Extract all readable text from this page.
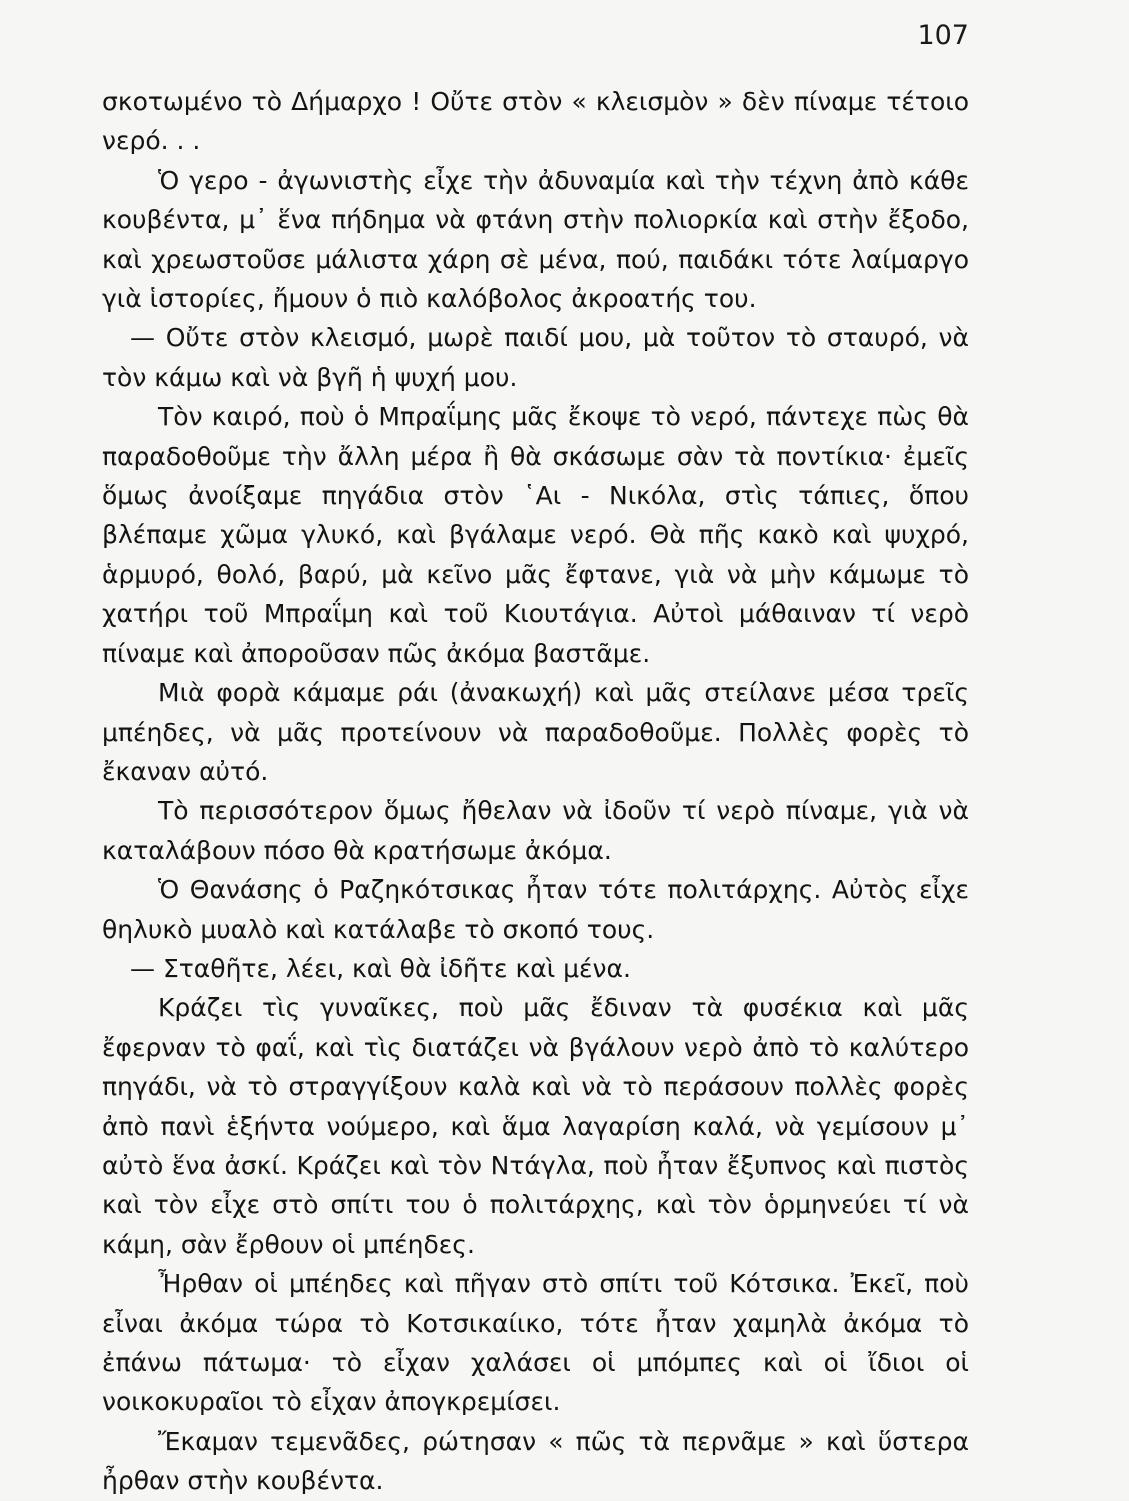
107

σκοτωμένο τὸ Δήμαρχο ! Οὔτε στὸν « κλεισμὸν » δὲν πίναμε τέτοιο νερό. . .

Ὁ γερο - ἀγωνιστὴς εἶχε τὴν ἀδυναμία καὶ τὴν τέχνη ἀπὸ κάθε κουβέντα, μ᾽ ἕνα πήδημα νὰ φτάνη στὴν πολιορκία καὶ στὴν ἔξοδο, καὶ χρεωστοῦσε μάλιστα χάρη σὲ μένα, πού, παιδάκι τότε λαίμαργο γιὰ ἱστορίες, ἤμουν ὁ πιὸ καλόβολος ἀκροατής του.

— Οὔτε στὸν κλεισμό, μωρὲ παιδί μου, μὰ τοῦτον τὸ σταυρό, νὰ τὸν κάμω καὶ νὰ βγῆ ἡ ψυχή μου.

Τὸν καιρό, ποὺ ὁ Μπραΐμης μᾶς ἔκοψε τὸ νερό, πάντεχε πὼς θὰ παραδοθοῦμε τὴν ἄλλη μέρα ἢ θὰ σκάσωμε σὰν τὰ ποντίκια· ἐμεῖς ὅμως ἀνοίξαμε πηγάδια στὸν ῾Αι - Νικόλα, στὶς τάπιες, ὅπου βλέπαμε χῶμα γλυκό, καὶ βγάλαμε νερό. Θὰ πῆς κακὸ καὶ ψυχρό, ἁρμυρό, θολό, βαρύ, μὰ κεῖνο μᾶς ἔφτανε, γιὰ νὰ μὴν κάμωμε τὸ χατήρι τοῦ Μπραΐμη καὶ τοῦ Κιουτάγια. Αὐτοὶ μάθαιναν τί νερὸ πίναμε καὶ ἀποροῦσαν πῶς ἀκόμα βαστᾶμε.

Μιὰ φορὰ κάμαμε ράι (ἀνακωχή) καὶ μᾶς στείλανε μέσα τρεῖς μπέηδες, νὰ μᾶς προτείνουν νὰ παραδοθοῦμε. Πολλὲς φορὲς τὸ ἔκαναν αὐτό.

Τὸ περισσότερον ὅμως ἤθελαν νὰ ἰδοῦν τί νερὸ πίναμε, γιὰ νὰ καταλάβουν πόσο θὰ κρατήσωμε ἀκόμα.

Ὁ Θανάσης ὁ Ραζηκότσικας ἦταν τότε πολιτάρχης. Αὐτὸς εἶχε θηλυκὸ μυαλὸ καὶ κατάλαβε τὸ σκοπό τους.

— Σταθῆτε, λέει, καὶ θὰ ἰδῆτε καὶ μένα.

Κράζει τὶς γυναῖκες, ποὺ μᾶς ἔδιναν τὰ φυσέκια καὶ μᾶς ἔφερναν τὸ φαΐ, καὶ τὶς διατάζει νὰ βγάλουν νερὸ ἀπὸ τὸ καλύτερο πηγάδι, νὰ τὸ στραγγίξουν καλὰ καὶ νὰ τὸ περάσουν πολλὲς φορὲς ἀπὸ πανὶ ἑξήντα νούμερο, καὶ ἅμα λαγαρίση καλά, νὰ γεμίσουν μ᾽ αὐτὸ ἕνα ἀσκί. Κράζει καὶ τὸν Ντάγλα, ποὺ ἦταν ἔξυπνος καὶ πιστὸς καὶ τὸν εἶχε στὸ σπίτι του ὁ πολιτάρχης, καὶ τὸν ὁρμηνεύει τί νὰ κάμη, σὰν ἔρθουν οἱ μπέηδες.

Ἦρθαν οἱ μπέηδες καὶ πῆγαν στὸ σπίτι τοῦ Κότσικα. Ἐκεῖ, ποὺ εἶναι ἀκόμα τώρα τὸ Κοτσικαίικο, τότε ἦταν χαμηλὰ ἀκόμα τὸ ἐπάνω πάτωμα· τὸ εἶχαν χαλάσει οἱ μπόμπες καὶ οἱ ἴδιοι οἱ νοικοκυραῖοι τὸ εἶχαν ἀπογκρεμίσει.

Ἔκαμαν τεμενᾶδες, ρώτησαν « πῶς τὰ περνᾶμε » καὶ ὕστερα ἦρθαν στὴν κουβέντα.
